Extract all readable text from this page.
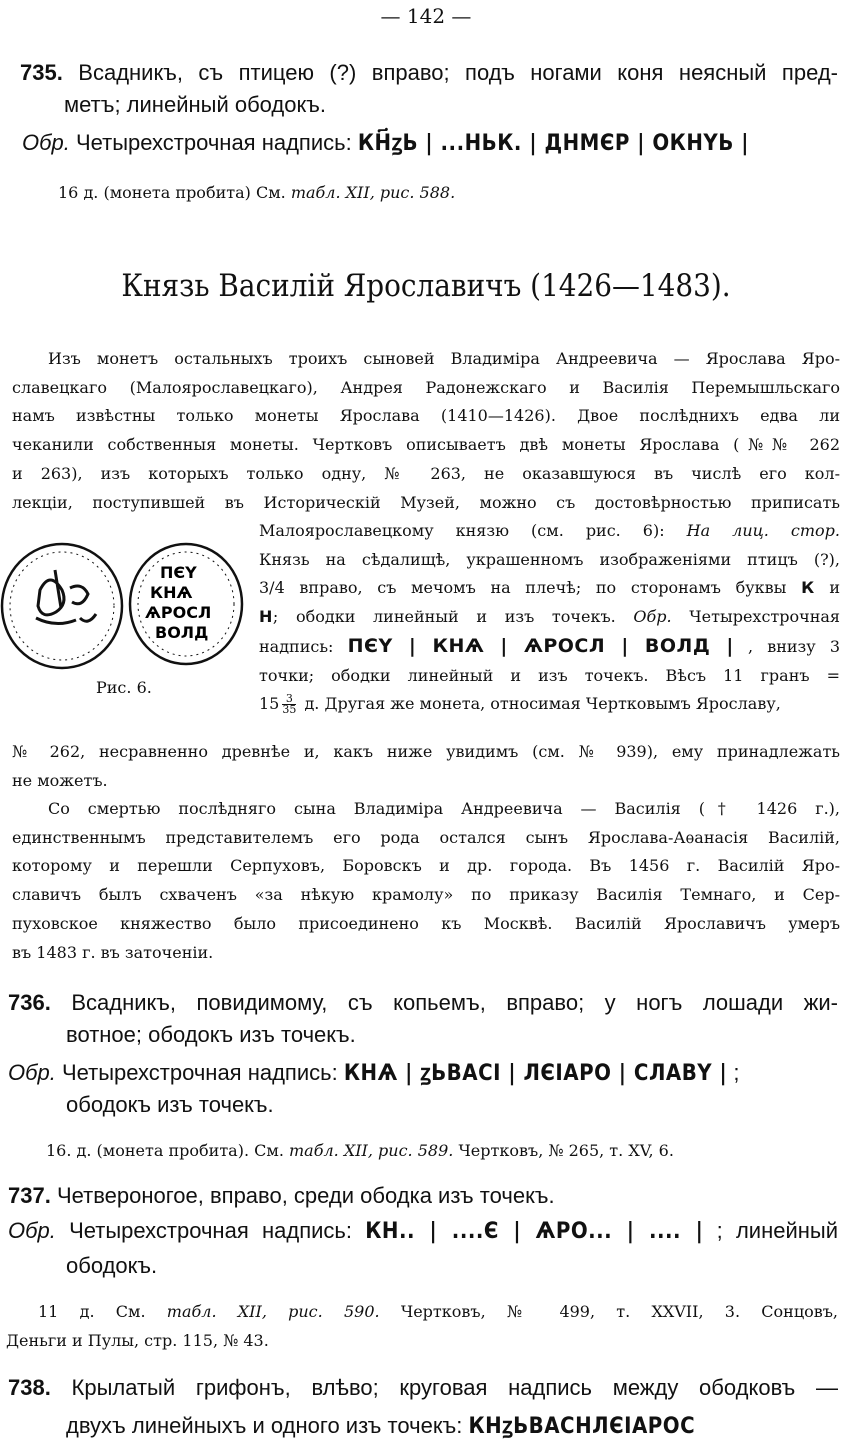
— 142 —
735. Всадникъ, съ птицею (?) вправо; подъ ногами коня неясный пред-
метъ; линейный ободокъ.
Обр. Четырехстрочная надпись: КН҃ꙁЬ | ...НЬК. | ДНМЄР | ОКНҮЬ |
16 д. (монета пробита) См. табл. XII, рис. 588.
Князь Василій Ярославичъ (1426—1483).

Изъ монетъ остальныхъ троихъ сыновей Владиміра Андреевича — Ярослава Яро-

славецкаго (Малоярославецкаго), Андрея Радонежскаго и Василія Перемышльскаго

намъ извѣстны только монеты Ярослава (1410—1426). Двое послѣднихъ едва ли

чеканили собственныя монеты. Чертковъ описываетъ двѣ монеты Ярослава (№№ 262

и 263), изъ которыхъ только одну, № 263, не оказавшуюся въ числѣ его кол-

лекціи, поступившей въ Историческій Музей, можно съ достовѣрностью приписать

ПЄҮ
КНѦ
ѦРОСЛ
ВОЛД
Рис. 6.

Малоярославецкому князю (см. рис. 6): На лиц. стор.

Князь на сѣдалищѣ, украшенномъ изображеніями птицъ (?),

3/4 вправо, съ мечомъ на плечѣ; по сторонамъ буквы К и

Н; ободки линейный и изъ точекъ. Обр. Четырехстрочная

надпись: ПЄҮ | КНѦ | ѦРОСЛ | ВОЛД | , внизу 3

точки; ободки линейный и изъ точекъ. Вѣсъ 11 гранъ =

$15 \frac{3}{35} д$. Другая же монета, относимая Чертковымъ Ярославу,

№ 262, несравненно древнѣе и, какъ ниже увидимъ (см. № 939), ему принадлежать

не можетъ.

Со смертью послѣдняго сына Владиміра Андреевича — Василія († 1426 г.),

единственнымъ представителемъ его рода остался сынъ Ярослава-Аѳанасія Василій,

которому и перешли Серпуховъ, Боровскъ и др. города. Въ 1456 г. Василій Яро-

славичъ былъ схваченъ «за нѣкую крамолу» по приказу Василія Темнаго, и Сер-

пуховское княжество было присоединено къ Москвѣ. Василій Ярославичъ умеръ

въ 1483 г. въ заточеніи.

736. Всадникъ, повидимому, съ копьемъ, вправо; у ногъ лошади жи-
вотное; ободокъ изъ точекъ.
Обр. Четырехстрочная надпись: КНѦ | ꙁЬВАСІ | ЛЄІАРО | СЛАВҮ | ;
ободокъ изъ точекъ.
16. д. (монета пробита). См. табл. XII, рис. 589. Чертковъ, № 265, т. XV, 6.
737. Четвероногое, вправо, среди ободка изъ точекъ.
Обр. Четырехстрочная надпись: КН.. | ....Є | ѦРО... | .... | ; линейный
ободокъ.
11 д. См. табл. XII, рис. 590. Чертковъ, № 499, т. XXVII, 3. Сонцовъ,
Деньги и Пулы, стр. 115, № 43.
738. Крылатый грифонъ, влѣво; круговая надпись между ободковъ —
двухъ линейныхъ и одного изъ точекъ: КНꙁЬВАСНЛЄІАРОС
